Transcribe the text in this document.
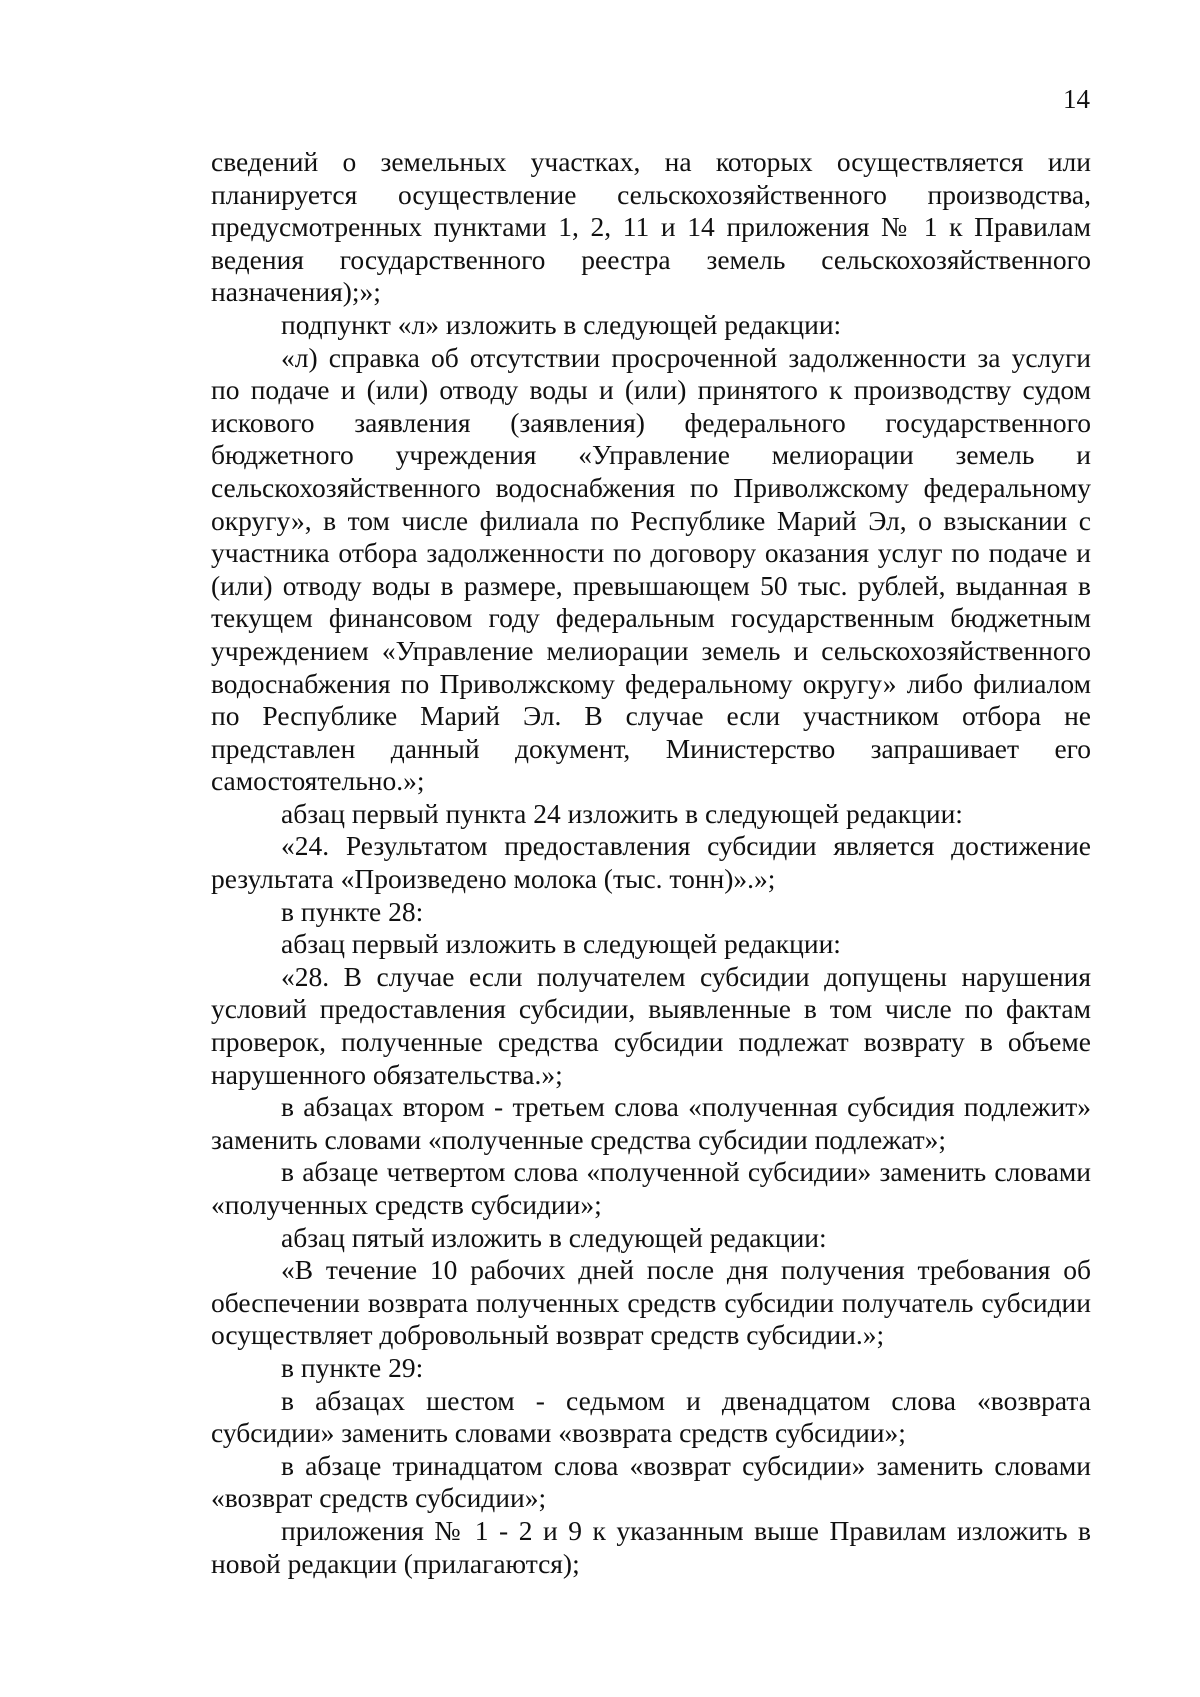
14

сведений о земельных участках, на которых осуществляется или планируется осуществление сельскохозяйственного производства, предусмотренных пунктами 1, 2, 11 и 14 приложения № 1 к Правилам ведения государственного реестра земель сельскохозяйственного назначения);»;

подпункт «л» изложить в следующей редакции:

«л) справка об отсутствии просроченной задолженности за услуги по подаче и (или) отводу воды и (или) принятого к производству судом искового заявления (заявления) федерального государственного бюджетного учреждения «Управление мелиорации земель и сельскохозяйственного водоснабжения по Приволжскому федеральному округу», в том числе филиала по Республике Марий Эл, о взыскании с участника отбора задолженности по договору оказания услуг по подаче и (или) отводу воды в размере, превышающем 50 тыс. рублей, выданная в текущем финансовом году федеральным государственным бюджетным учреждением «Управление мелиорации земель и сельскохозяйственного водоснабжения по Приволжскому федеральному округу» либо филиалом по Республике Марий Эл. В случае если участником отбора не представлен данный документ, Министерство запрашивает его самостоятельно.»;

абзац первый пункта 24 изложить в следующей редакции:

«24. Результатом предоставления субсидии является достижение результата «Произведено молока (тыс. тонн)».»;

в пункте 28:

абзац первый изложить в следующей редакции:

«28. В случае если получателем субсидии допущены нарушения условий предоставления субсидии, выявленные в том числе по фактам проверок, полученные средства субсидии подлежат возврату в объеме нарушенного обязательства.»;

в абзацах втором - третьем слова «полученная субсидия подлежит» заменить словами «полученные средства субсидии подлежат»;

в абзаце четвертом слова «полученной субсидии» заменить словами «полученных средств субсидии»;

абзац пятый изложить в следующей редакции:

«В течение 10 рабочих дней после дня получения требования об обеспечении возврата полученных средств субсидии получатель субсидии осуществляет добровольный возврат средств субсидии.»;

в пункте 29:

в абзацах шестом - седьмом и двенадцатом слова «возврата субсидии» заменить словами «возврата средств субсидии»;

в абзаце тринадцатом слова «возврат субсидии» заменить словами «возврат средств субсидии»;

приложения № 1 - 2 и 9 к указанным выше Правилам изложить в новой редакции (прилагаются);
